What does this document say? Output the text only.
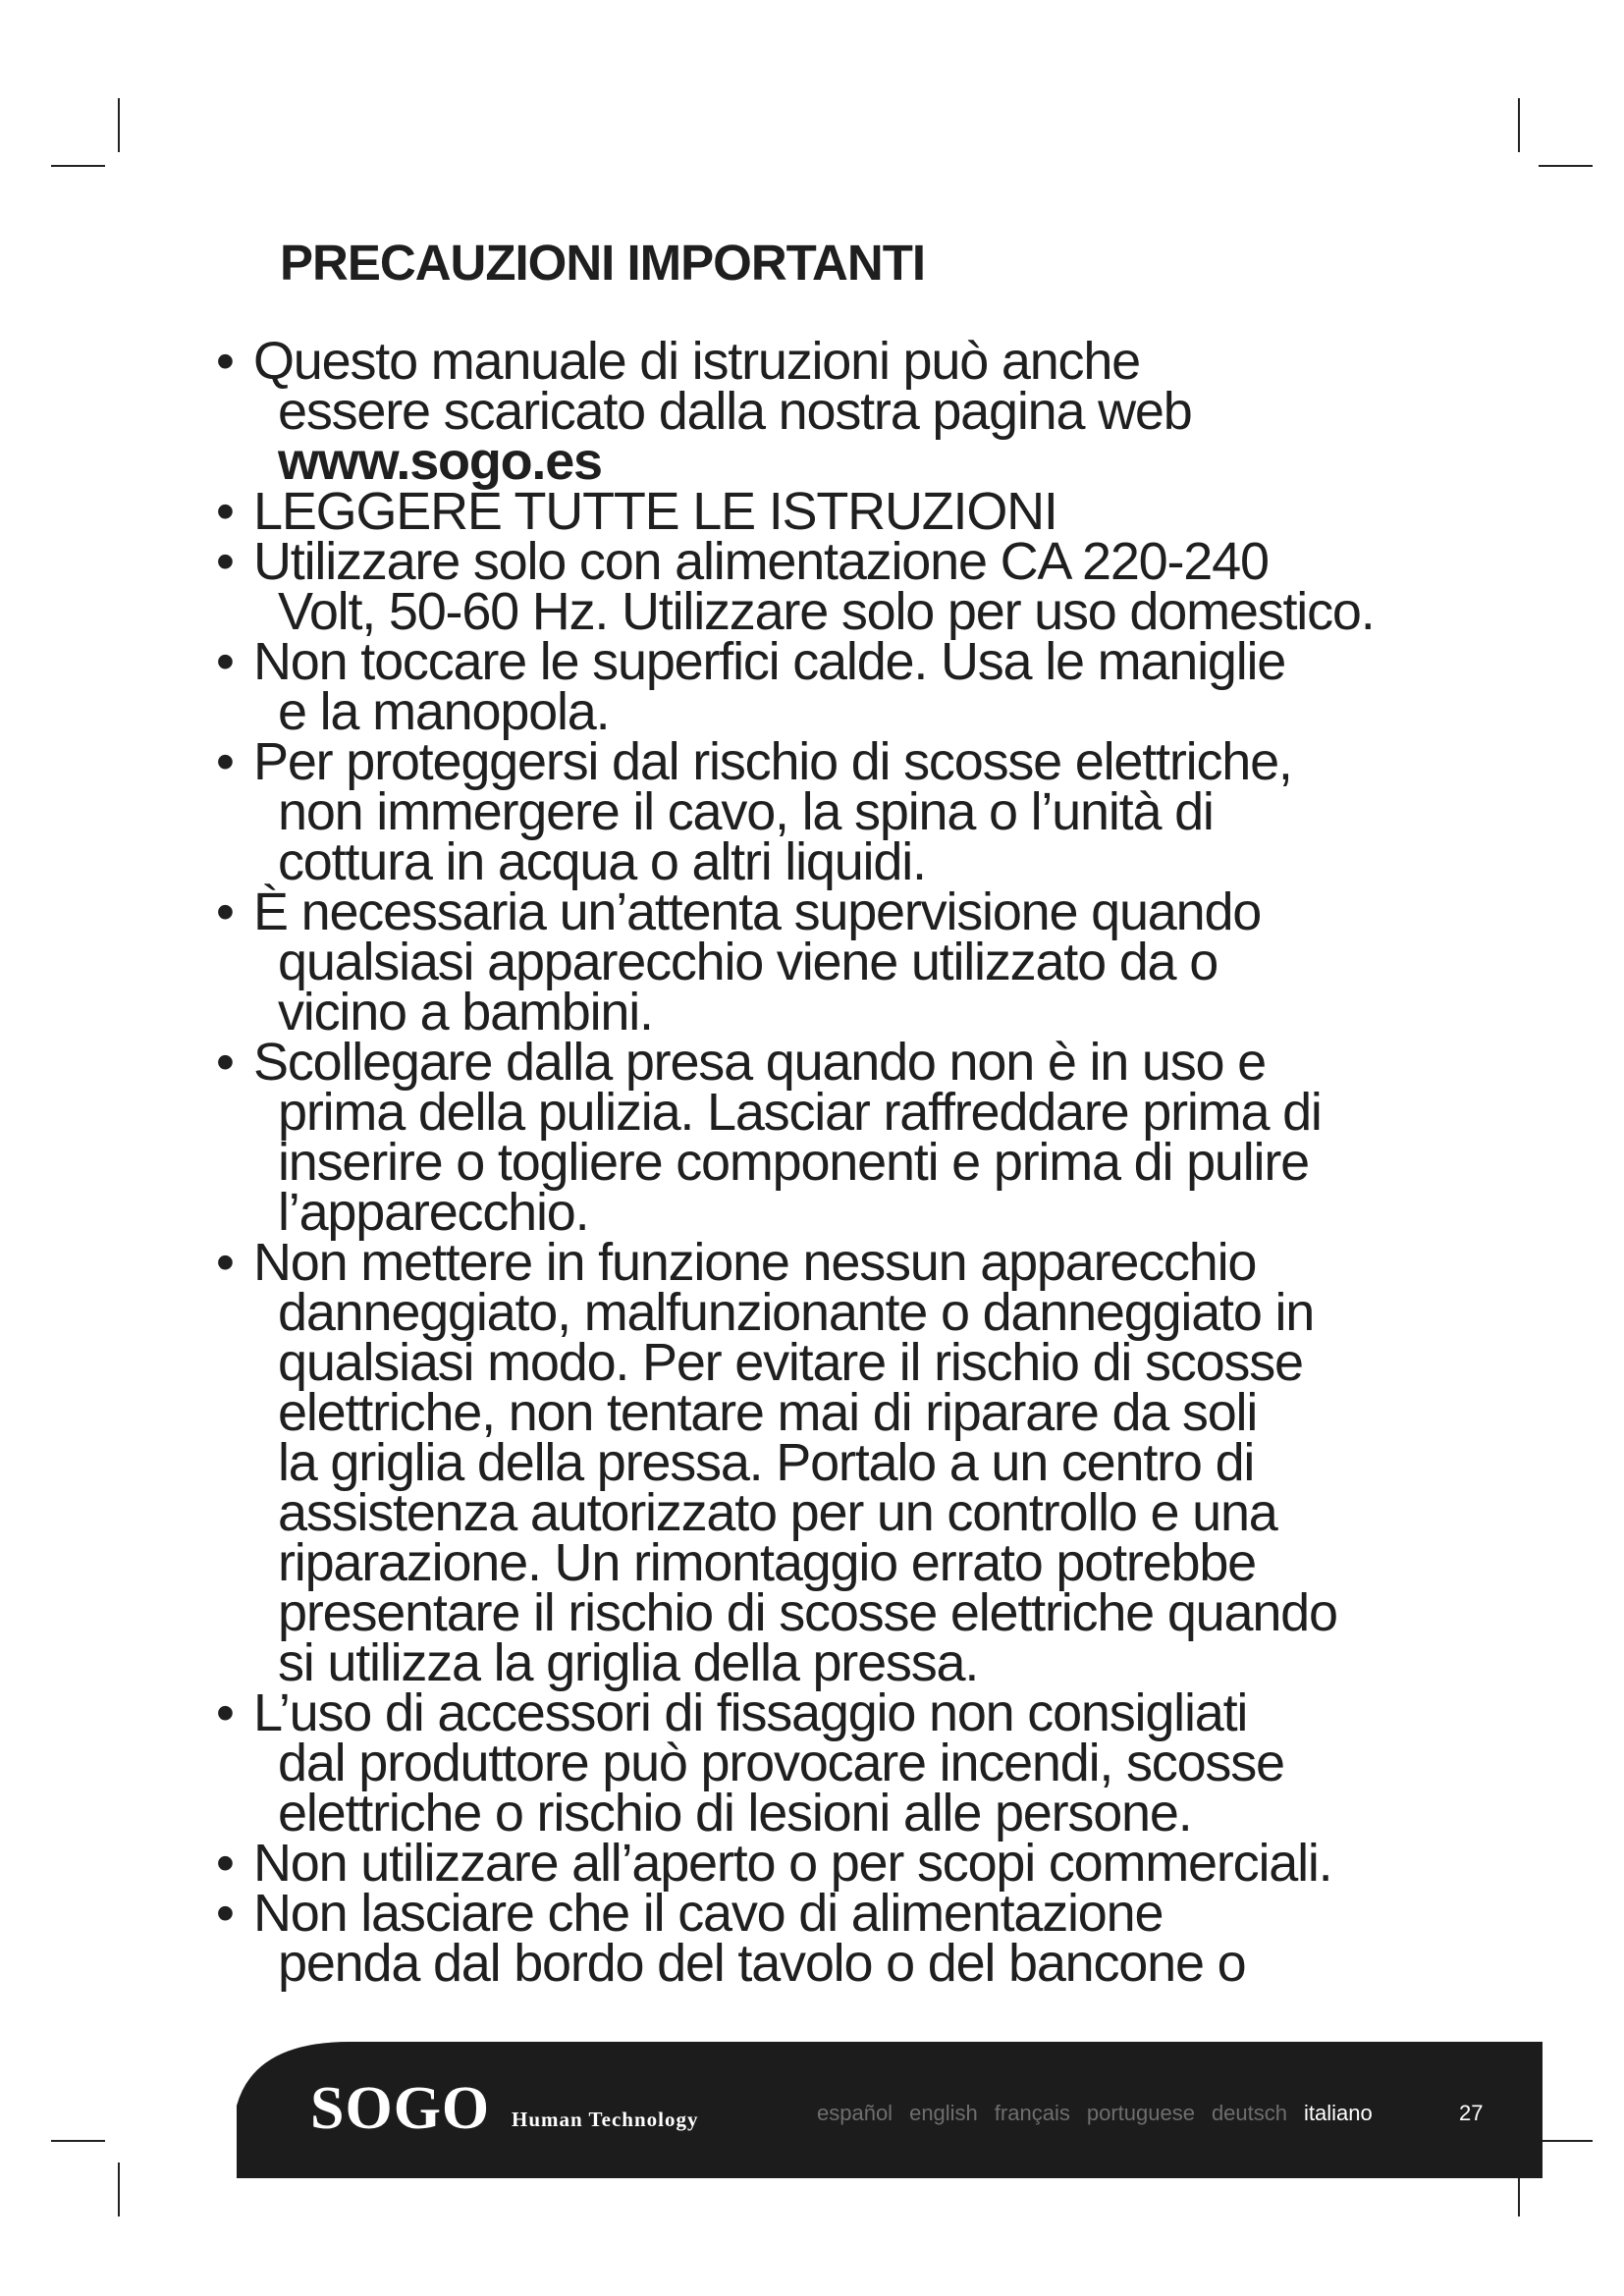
PRECAUZIONI IMPORTANTI
• Questo manuale di istruzioni può anche
essere scaricato dalla nostra pagina web
www.sogo.es
• LEGGERE TUTTE LE ISTRUZIONI
• Utilizzare solo con alimentazione CA 220-240
Volt, 50-60 Hz. Utilizzare solo per uso domestico.
• Non toccare le superfici calde. Usa le maniglie
e la manopola.
• Per proteggersi dal rischio di scosse elettriche,
non immergere il cavo, la spina o l’unità di
cottura in acqua o altri liquidi.
• È necessaria un’attenta supervisione quando
qualsiasi apparecchio viene utilizzato da o
vicino a bambini.
• Scollegare dalla presa quando non è in uso e
prima della pulizia. Lasciar raffreddare prima di
inserire o togliere componenti e prima di pulire
l’apparecchio.
• Non mettere in funzione nessun apparecchio
danneggiato, malfunzionante o danneggiato in
qualsiasi modo. Per evitare il rischio di scosse
elettriche, non tentare mai di riparare da soli
la griglia della pressa. Portalo a un centro di
assistenza autorizzato per un controllo e una
riparazione. Un rimontaggio errato potrebbe
presentare il rischio di scosse elettriche quando
si utilizza la griglia della pressa.
• L’uso di accessori di fissaggio non consigliati
dal produttore può provocare incendi, scosse
elettriche o rischio di lesioni alle persone.
• Non utilizzare all’aperto o per scopi commerciali.
• Non lasciare che il cavo di alimentazione
penda dal bordo del tavolo o del bancone o
SOGO Human Technology	español english français portuguese deutsch italiano	27
